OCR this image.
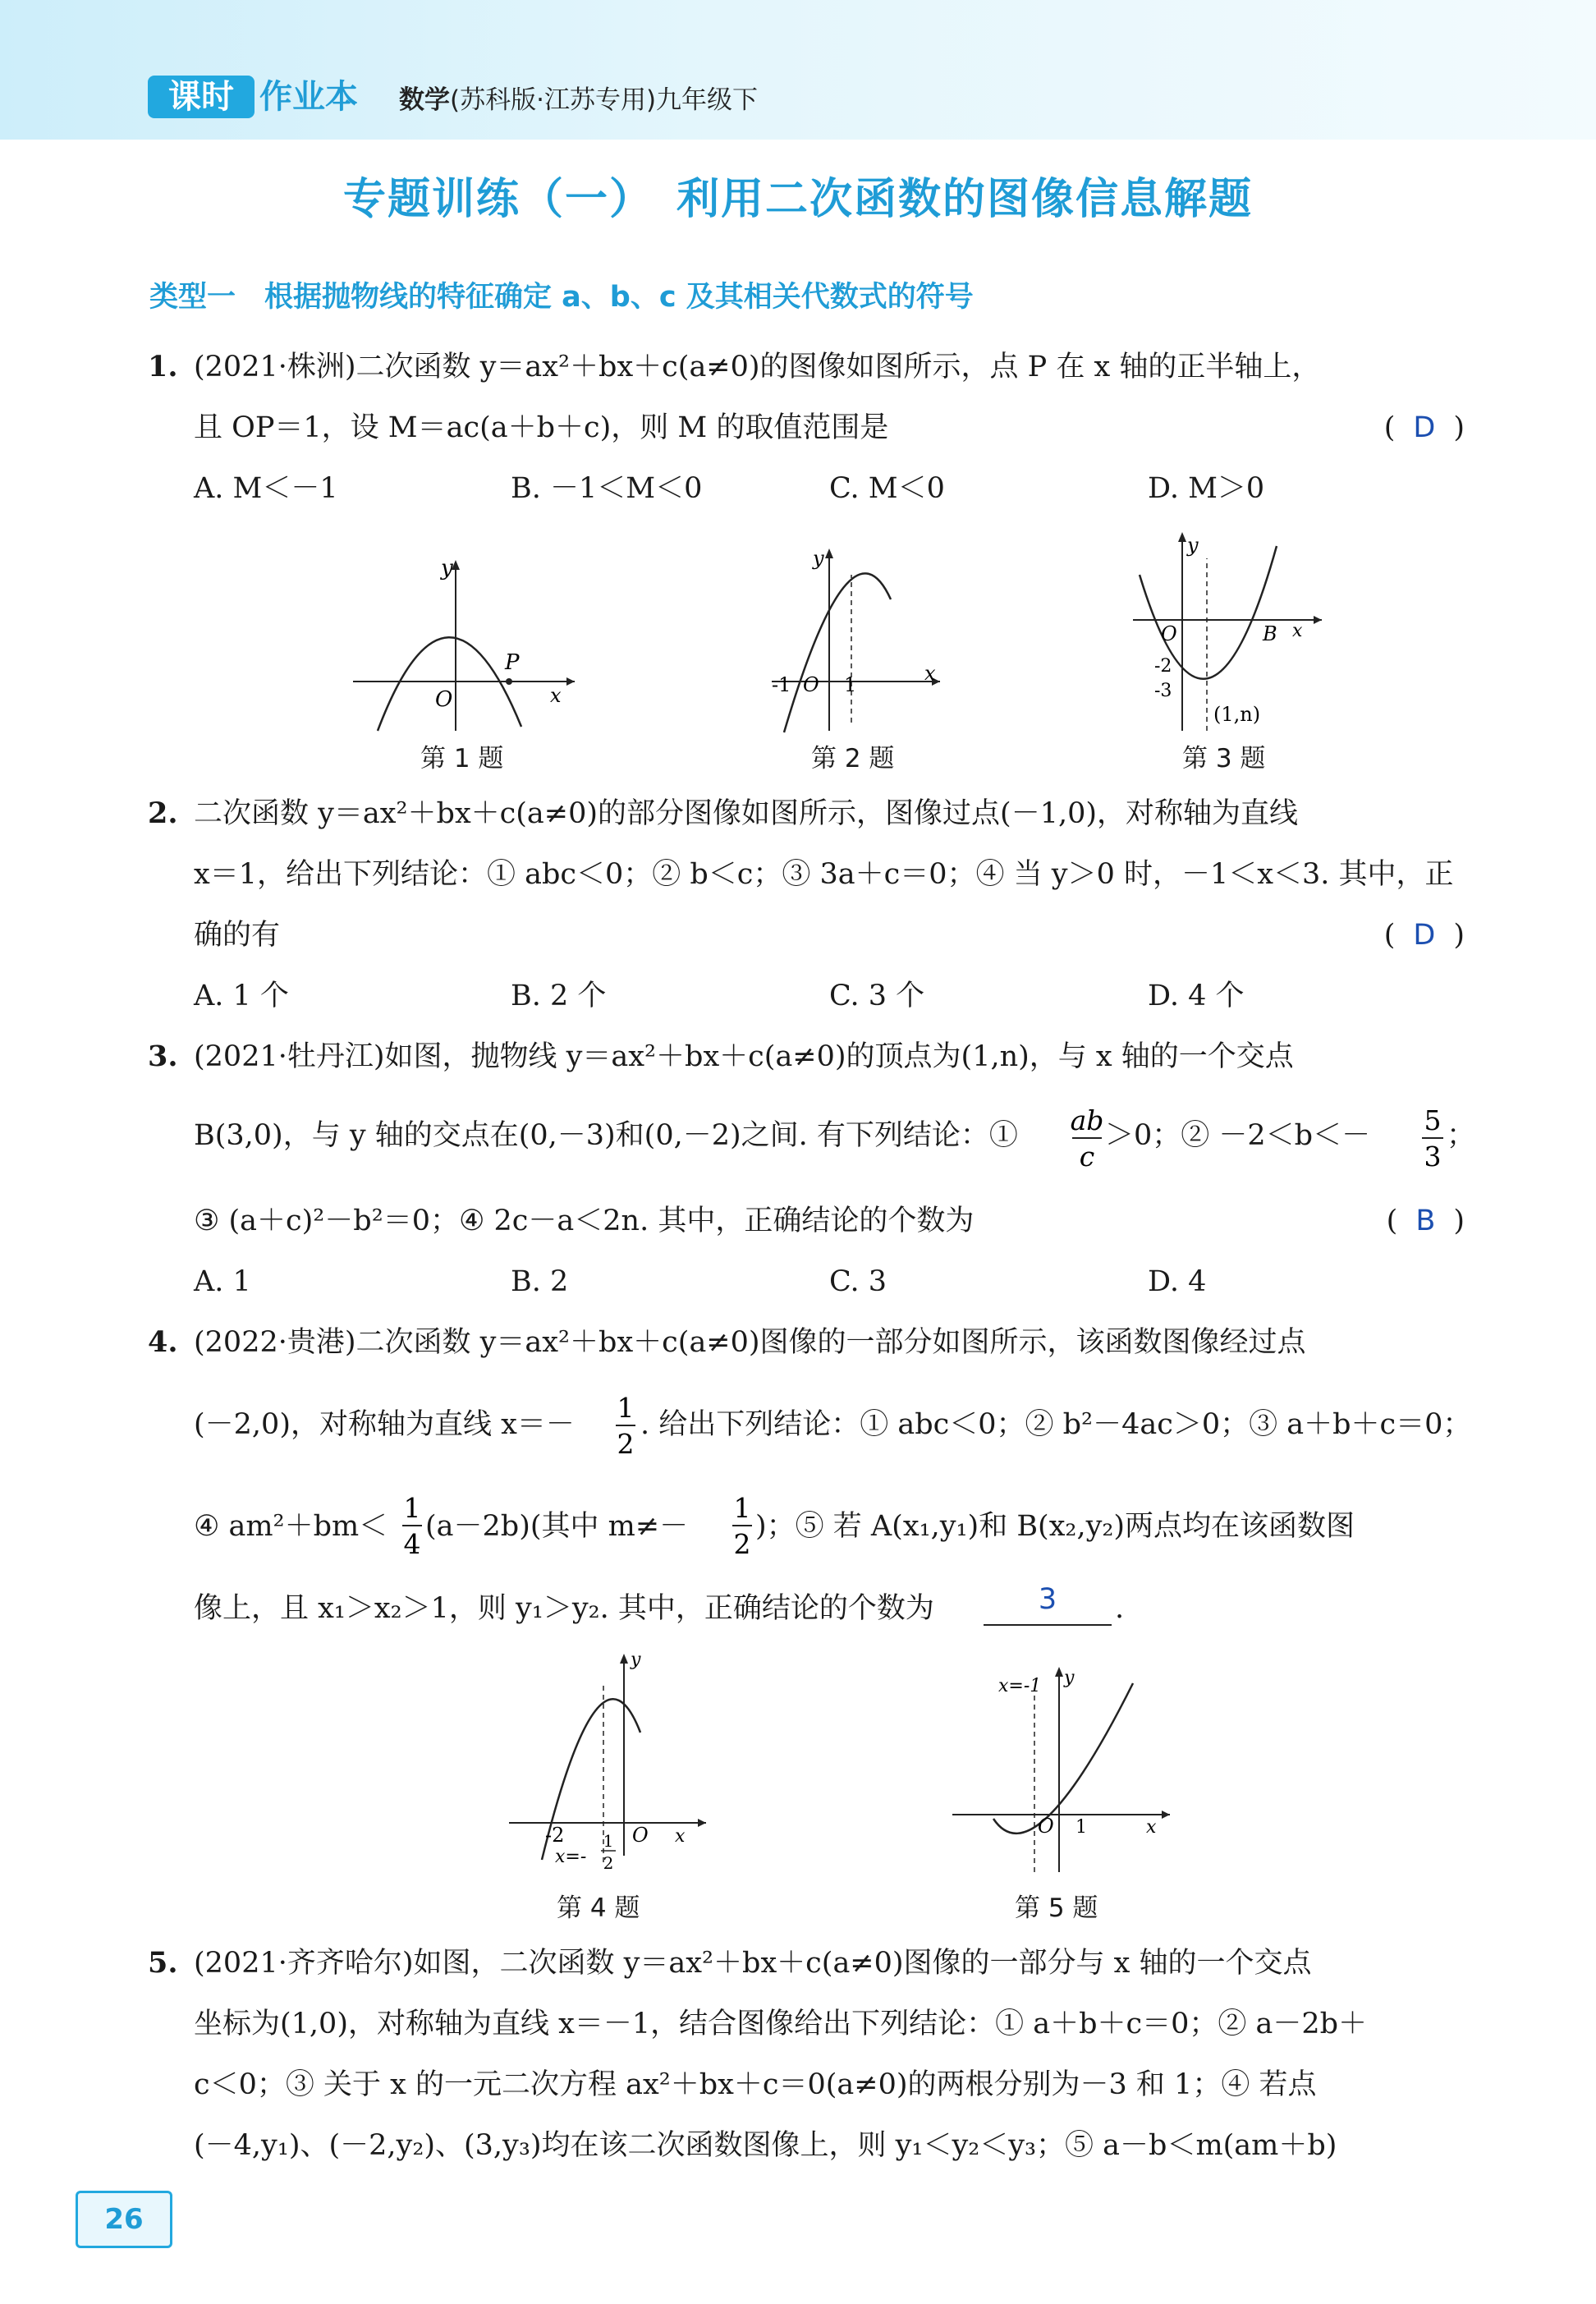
课时 作业本 数学(苏科版·江苏专用)九年级下
专题训练（一）　利用二次函数的图像信息解题
类型一　根据抛物线的特征确定 a、b、c 及其相关代数式的符号
1. (2021·株洲)二次函数 y＝ax²＋bx＋c(a≠0)的图像如图所示，点 P 在 x 轴的正半轴上，
且 OP＝1，设 M＝ac(a＋b＋c)，则 M 的取值范围是	( D )
A. M＜－1	B. －1＜M＜0	C. M＜0	D. M＞0
y
O
P
x
第 1 题
y
-1 O 1	x
第 2 题
y
O	B x
-2
-3
(1,n)
第 3 题
2. 二次函数 y＝ax²＋bx＋c(a≠0)的部分图像如图所示，图像过点(－1,0)，对称轴为直线
x＝1，给出下列结论：① abc＜0；② b＜c；③ 3a＋c＝0；④ 当 y＞0 时，－1＜x＜3. 其中，正
确的有	( D )
A. 1 个	B. 2 个	C. 3 个	D. 4 个
3. (2021·牡丹江)如图，抛物线 y＝ax²＋bx＋c(a≠0)的顶点为(1,n)，与 x 轴的一个交点
B(3,0)，与 y 轴的交点在(0,－3)和(0,－2)之间. 有下列结论：① ab
c
＞0；② －2＜b＜－ 5
3
；
③ (a＋c)²－b²＝0；④ 2c－a＜2n. 其中，正确结论的个数为	( B )
A. 1	B. 2	C. 3	D. 4
4. (2022·贵港)二次函数 y＝ax²＋bx＋c(a≠0)图像的一部分如图所示，该函数图像经过点
(－2,0)，对称轴为直线 x＝－
1
2
. 给出下列结论：① abc＜0；② b²－4ac＞0；③ a＋b＋c＝0；
④ am²＋bm＜
1
4
(a－2b)(其中 m≠－
1
2
)；⑤ 若 A(x₁,y₁)和 B(x₂,y₂)两点均在该函数图
像上，且 x₁＞x₂＞1，则 y₁＞y₂. 其中，正确结论的个数为	3	.
y
-2	O x
x=-
1
2
第 4 题
y
x=-1
O 1	x
第 5 题
5. (2021·齐齐哈尔)如图，二次函数 y＝ax²＋bx＋c(a≠0)图像的一部分与 x 轴的一个交点
坐标为(1,0)，对称轴为直线 x＝－1，结合图像给出下列结论：① a＋b＋c＝0；② a－2b＋
c＜0；③ 关于 x 的一元二次方程 ax²＋bx＋c＝0(a≠0)的两根分别为－3 和 1；④ 若点
(－4,y₁)、(－2,y₂)、(3,y₃)均在该二次函数图像上，则 y₁＜y₂＜y₃；⑤ a－b＜m(am＋b)
26
